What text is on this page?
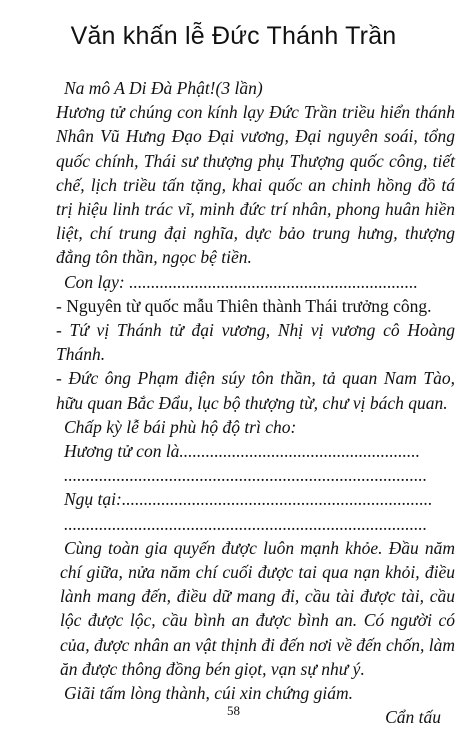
Văn khấn lễ Đức Thánh Trần

Na mô A Di Đà Phật!(3 lần)

Hương tử chúng con kính lạy Đức Trần triều hiển thánh Nhân Vũ Hưng Đạo Đại vương, Đại nguyên soái, tổng quốc chính, Thái sư thượng phụ Thượng quốc công, tiết chế, lịch triều tấn tặng, khai quốc an chinh hồng đồ tá trị hiệu linh trác vĩ, minh đức trí nhân, phong huân hiền liệt, chí trung đại nghĩa, dực bảo trung hưng, thượng đẳng tôn thần, ngọc bệ tiền.

Con lạy: ..................................................................

- Nguyên từ quốc mẫu Thiên thành Thái trưởng công.

- Tứ vị Thánh tử đại vương, Nhị vị vương cô Hoàng Thánh.

- Đức ông Phạm điện súy tôn thần, tả quan Nam Tào, hữu quan Bắc Đẩu, lục bộ thượng từ, chư vị bách quan.

Chấp kỳ lễ bái phù hộ độ trì cho:

Hương tử con là.......................................................

...................................................................................

Ngụ tại:.......................................................................

...................................................................................

Cùng toàn gia quyến được luôn mạnh khỏe. Đầu năm chí giữa, nửa năm chí cuối được tai qua nạn khỏi, điều lành mang đến, điều dữ mang đi, cầu tài được tài, cầu lộc được lộc, cầu bình an được bình an. Có người có của, được nhân an vật thịnh đi đến nơi về đến chốn, làm ăn được thông đồng bén giọt, vạn sự như ý.

Giãi tấm lòng thành, cúi xin chứng giám.

Cẩn tấu

58
